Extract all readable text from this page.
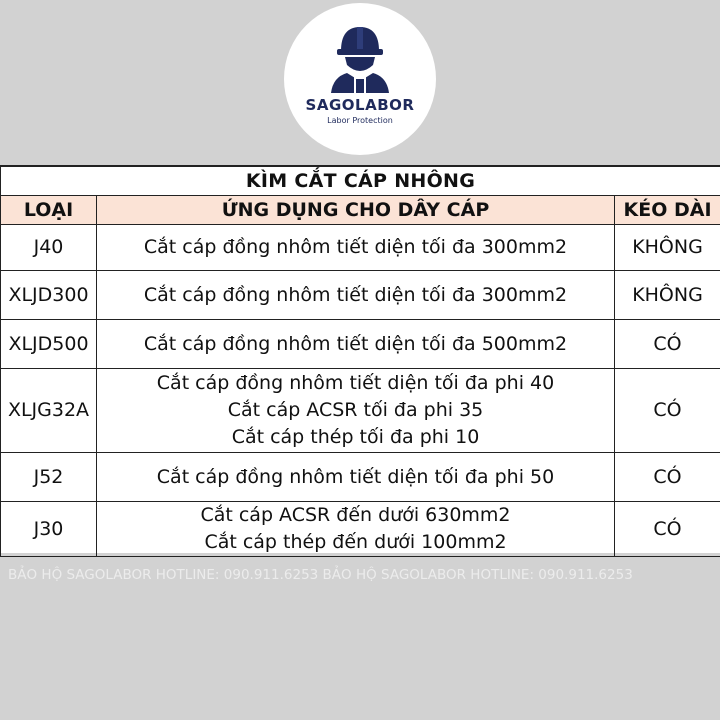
SAGOLABOR
Labor Protection
KÌM CẮT CÁP NHÔNG		
LOẠI	ỨNG DỤNG CHO DÂY CÁP	KÉO DÀI
J40	Cắt cáp đồng nhôm tiết diện tối đa 300mm2	KHÔNG
XLJD300	Cắt cáp đồng nhôm tiết diện tối đa 300mm2	KHÔNG
XLJD500	Cắt cáp đồng nhôm tiết diện tối đa 500mm2	CÓ
XLJG32A	Cắt cáp đồng nhôm tiết diện tối đa phi 40
Cắt cáp ACSR tối đa phi 35
Cắt cáp thép tối đa phi 10	CÓ
J52	Cắt cáp đồng nhôm tiết diện tối đa phi 50	CÓ
J30	Cắt cáp ACSR đến dưới 630mm2
Cắt cáp thép đến dưới 100mm2	CÓ
BẢO HỘ SAGOLABOR HOTLINE: 090.911.6253 BẢO HỘ SAGOLABOR HOTLINE: 090.911.6253
